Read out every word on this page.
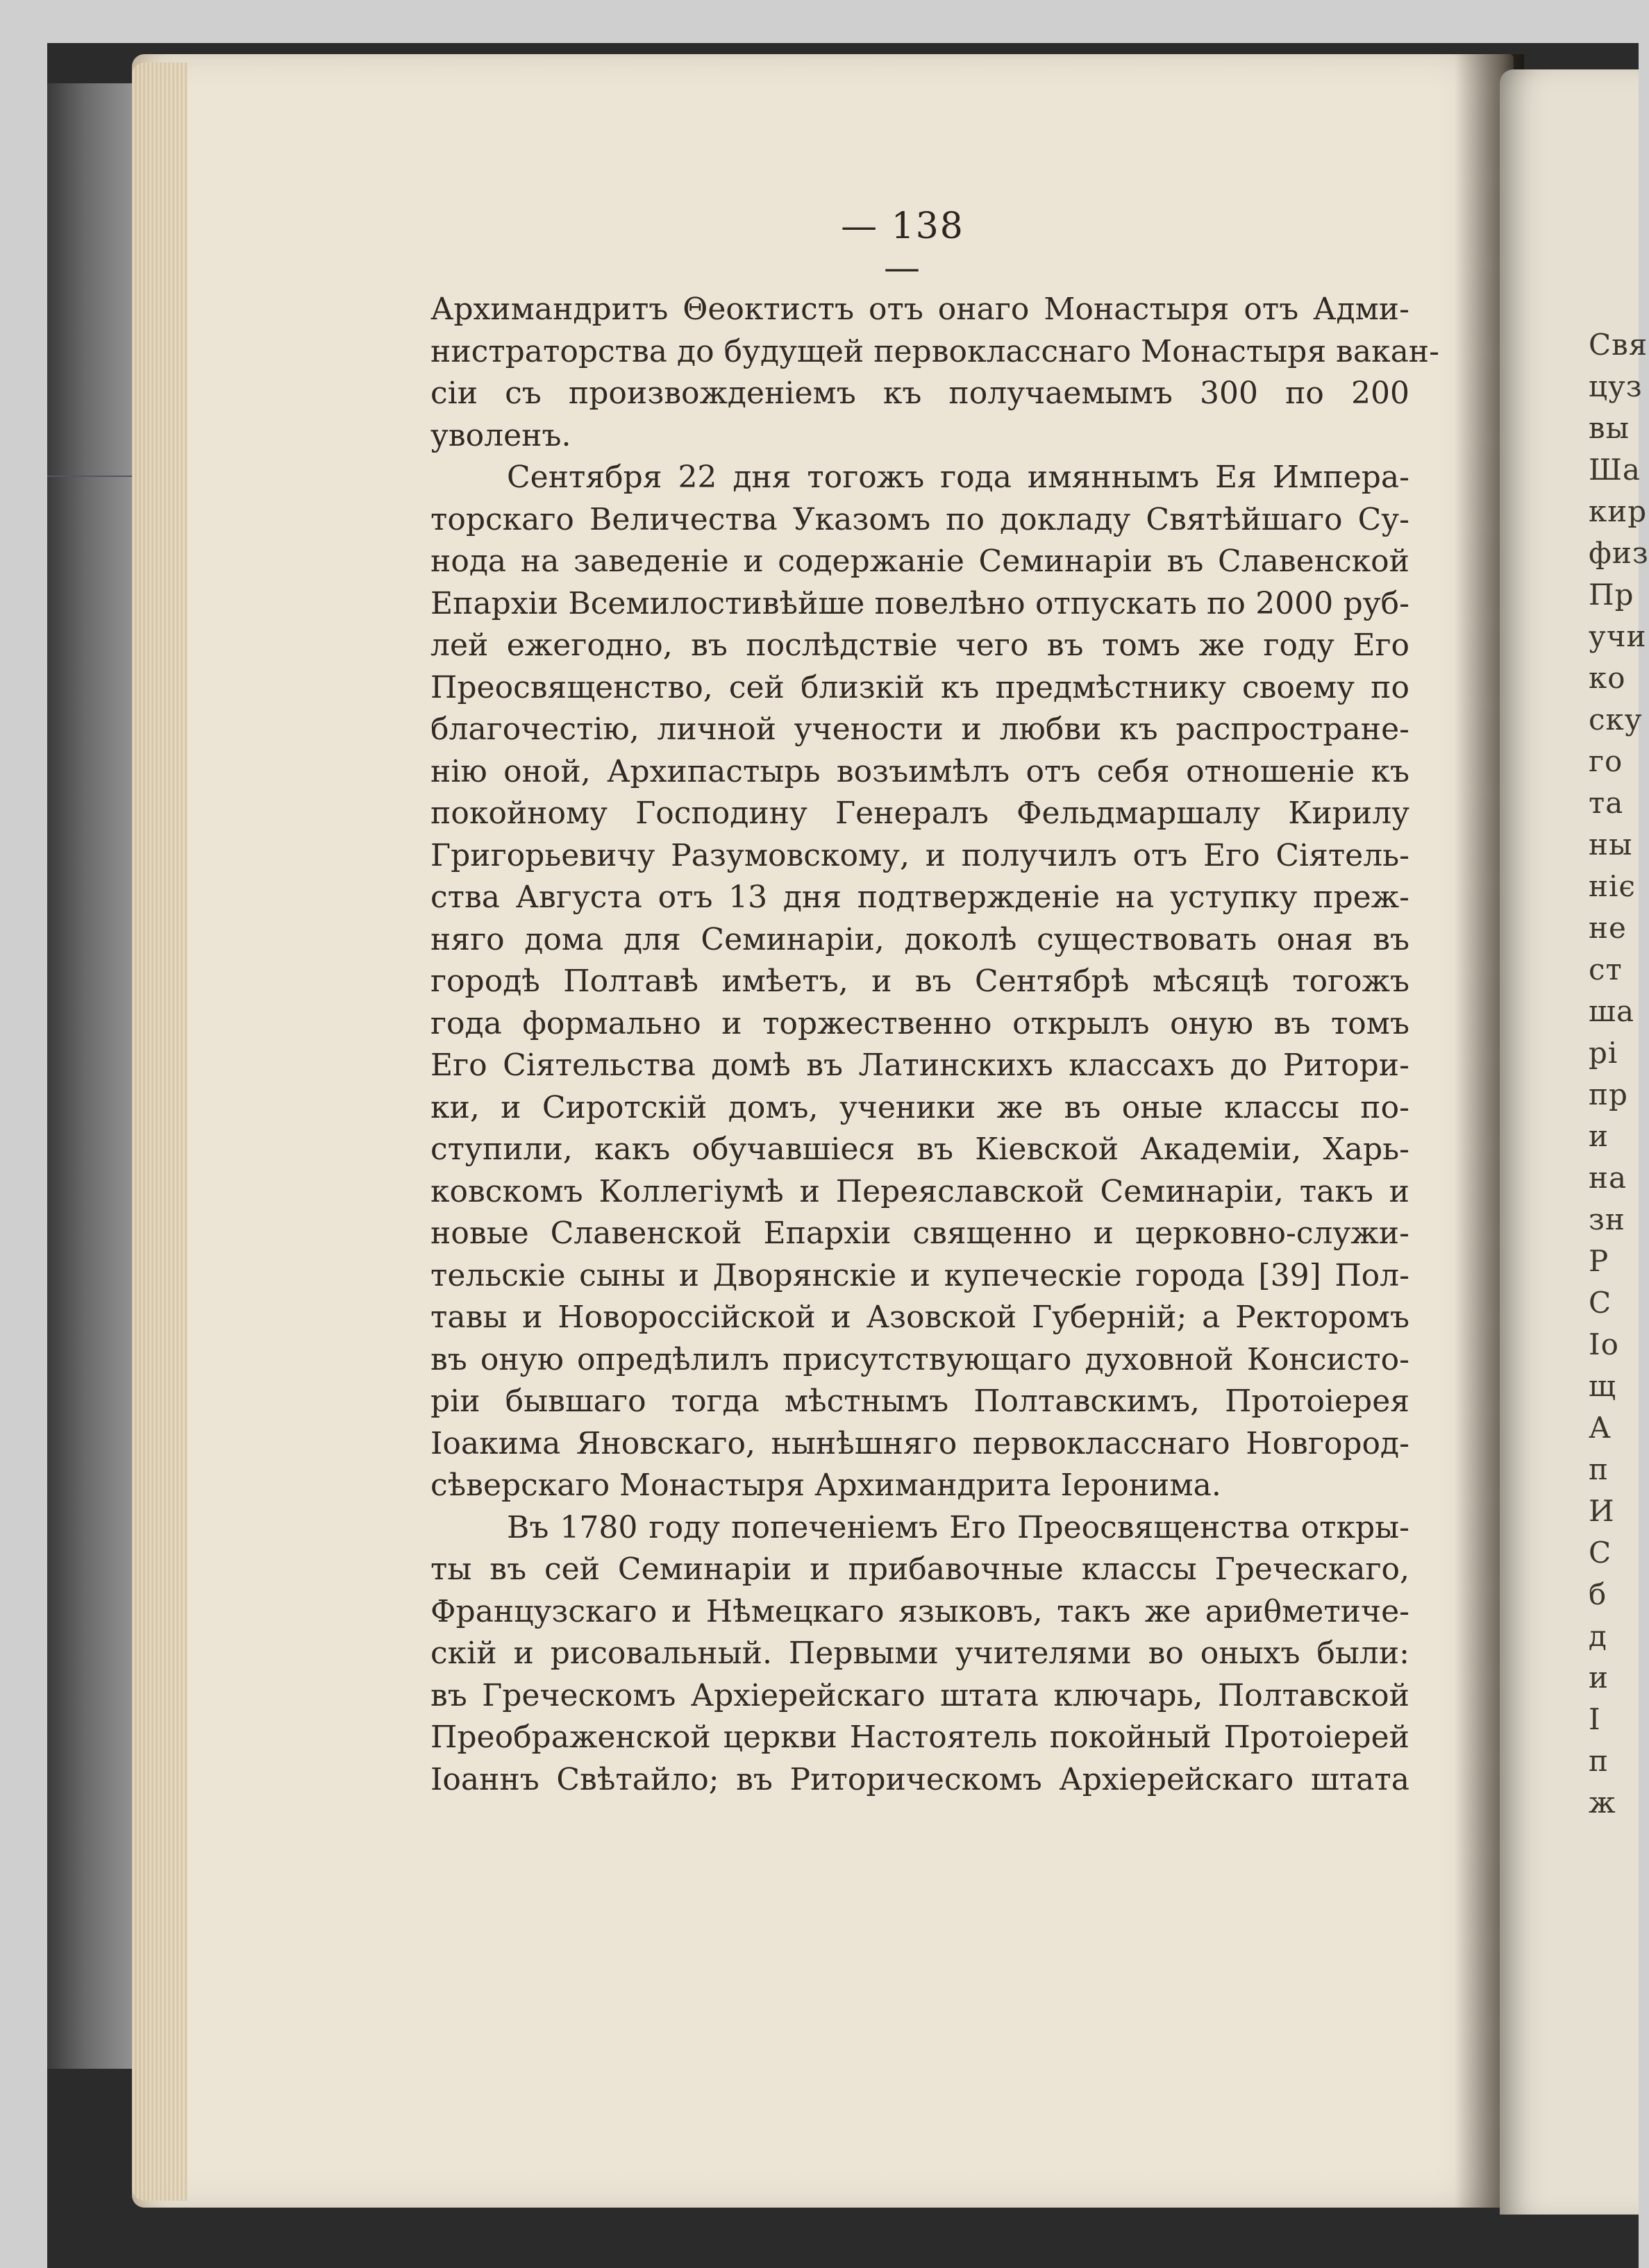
Свя
цуз
вы
Ша
кир
физ
Пр
учи
ко
ску
го
та
ны
ніє
не
ст
ша
рі
пр
и
на
зн
Р
С
Іо
щ
А
п
И
С
б
д
и
І
п
ж
— 138 —
Архимандритъ Θеоктистъ отъ онаго Монастыря отъ Адми-
нистраторства до будущей первокласснаго Монастыря вакан-
сіи съ произвожденіемъ къ получаемымъ 300 по 200
уволенъ.
Сентября 22 дня тогожъ года имяннымъ Ея Импера-
торскаго Величества Указомъ по докладу Святѣйшаго Су-
нода на заведеніе и содержаніе Семинаріи въ Славенской
Епархіи Всемилостивѣйше повелѣно отпускать по 2000 руб-
лей ежегодно, въ послѣдствіе чего въ томъ же году Его
Преосвященство, сей близкій къ предмѣстнику своему по
благочестію, личной учености и любви къ распростране-
нію оной, Архипастырь возъимѣлъ отъ себя отношеніе къ
покойному Господину Генералъ Фельдмаршалу Кирилу
Григорьевичу Разумовскому, и получилъ отъ Его Сіятель-
ства Августа отъ 13 дня подтвержденіе на уступку преж-
няго дома для Семинаріи, доколѣ существовать оная въ
городѣ Полтавѣ имѣетъ, и въ Сентябрѣ мѣсяцѣ тогожъ
года формально и торжественно открылъ оную въ томъ
Его Сіятельства домѣ въ Латинскихъ классахъ до Ритори-
ки, и Сиротскій домъ, ученики же въ оные классы по-
ступили, какъ обучавшіеся въ Кіевской Академіи, Харь-
ковскомъ Коллегіумѣ и Переяславской Семинаріи, такъ и
новые Славенской Епархіи священно и церковно-служи-
тельскіе сыны и Дворянскіе и купеческіе города [39] Пол-
тавы и Новороссійской и Азовской Губерній; а Ректоромъ
въ оную опредѣлилъ присутствующаго духовной Консисто-
ріи бывшаго тогда мѣстнымъ Полтавскимъ, Протоіерея
Іоакима Яновскаго, нынѣшняго первокласснаго Новгород-
сѣверскаго Монастыря Архимандрита Іеронима.
Въ 1780 году попеченіемъ Его Преосвященства откры-
ты въ сей Семинаріи и прибавочные классы Греческаго,
Французскаго и Нѣмецкаго языковъ, такъ же ариθметиче-
скій и рисовальный. Первыми учителями во оныхъ были:
въ Греческомъ Архіерейскаго штата ключарь, Полтавской
Преображенской церкви Настоятель покойный Протоіерей
Іоаннъ Свѣтайло; въ Риторическомъ Архіерейскаго штата
